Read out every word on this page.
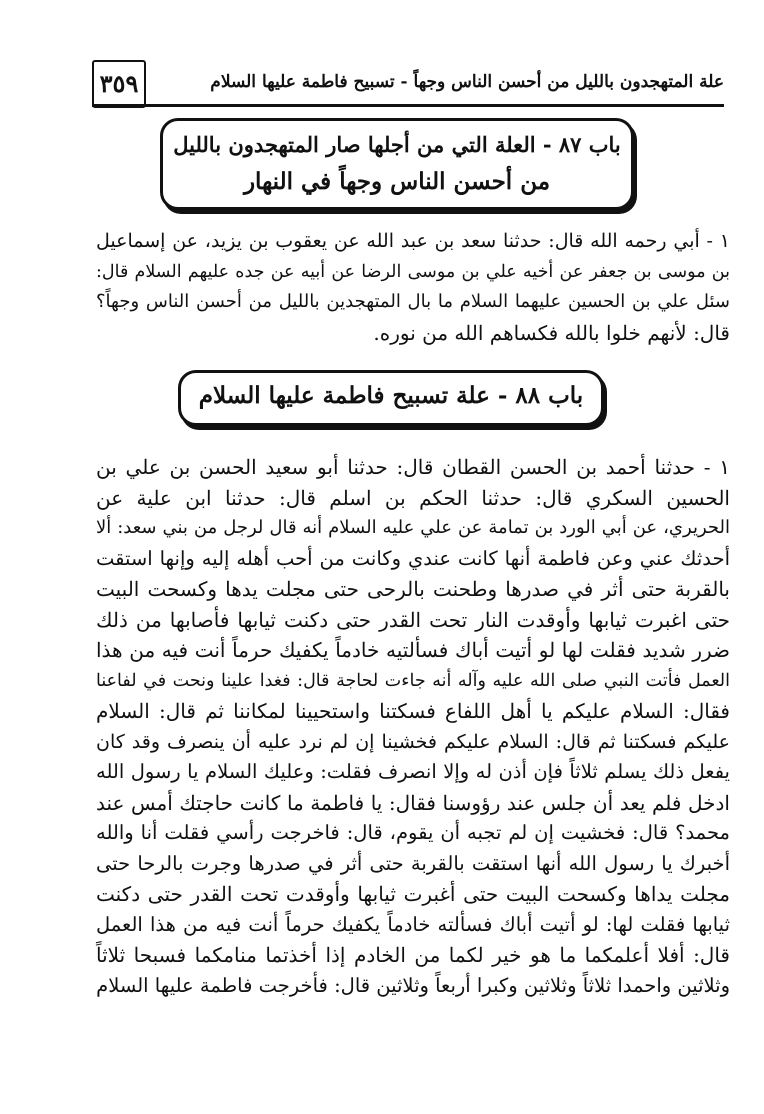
علة المتهجدون بالليل من أحسن الناس وجهاً - تسبيح فاطمة عليها السلام
٣٥٩
باب ٨٧ - العلة التي من أجلها صار المتهجدون بالليل
من أحسن الناس وجهاً في النهار
١ - أبي رحمه الله قال: حدثنا سعد بن عبد الله عن يعقوب بن يزيد، عن إسماعيل
بن موسى بن جعفر عن أخيه علي بن موسى الرضا عن أبيه عن جده عليهم السلام قال:
سئل علي بن الحسين عليهما السلام ما بال المتهجدين بالليل من أحسن الناس وجهاً؟
قال: لأنهم خلوا بالله فكساهم الله من نوره.
باب ٨٨ - علة تسبيح فاطمة عليها السلام
١ - حدثنا أحمد بن الحسن القطان قال: حدثنا أبو سعيد الحسن بن علي بن
الحسين السكري قال: حدثنا الحكم بن اسلم قال: حدثنا ابن علية عن
الحريري، عن أبي الورد بن تمامة عن علي عليه السلام أنه قال لرجل من بني سعد: ألا
أحدثك عني وعن فاطمة أنها كانت عندي وكانت من أحب أهله إليه وإنها استقت
بالقربة حتى أثر في صدرها وطحنت بالرحى حتى مجلت يدها وكسحت البيت
حتى اغبرت ثيابها وأوقدت النار تحت القدر حتى دكنت ثيابها فأصابها من ذلك
ضرر شديد فقلت لها لو أتيت أباك فسألتيه خادماً يكفيك حرماً أنت فيه من هذا
العمل فأتت النبي صلى الله عليه وآله أنه جاءت لحاجة قال: فغدا علينا ونحت في لفاعنا
فقال: السلام عليكم يا أهل اللفاع فسكتنا واستحيينا لمكاننا ثم قال: السلام
عليكم فسكتنا ثم قال: السلام عليكم فخشينا إن لم نرد عليه أن ينصرف وقد كان
يفعل ذلك يسلم ثلاثاً فإن أذن له وإلا انصرف فقلت: وعليك السلام يا رسول الله
ادخل فلم يعد أن جلس عند رؤوسنا فقال: يا فاطمة ما كانت حاجتك أمس عند
محمد؟ قال: فخشيت إن لم تجبه أن يقوم، قال: فاخرجت رأسي فقلت أنا والله
أخبرك يا رسول الله أنها استقت بالقربة حتى أثر في صدرها وجرت بالرحا حتى
مجلت يداها وكسحت البيت حتى أغبرت ثيابها وأوقدت تحت القدر حتى دكنت
ثيابها فقلت لها: لو أتيت أباك فسألته خادماً يكفيك حرماً أنت فيه من هذا العمل
قال: أفلا أعلمكما ما هو خير لكما من الخادم إذا أخذتما منامكما فسبحا ثلاثاً
وثلاثين واحمدا ثلاثاً وثلاثين وكبرا أربعاً وثلاثين قال: فأخرجت فاطمة عليها السلام
